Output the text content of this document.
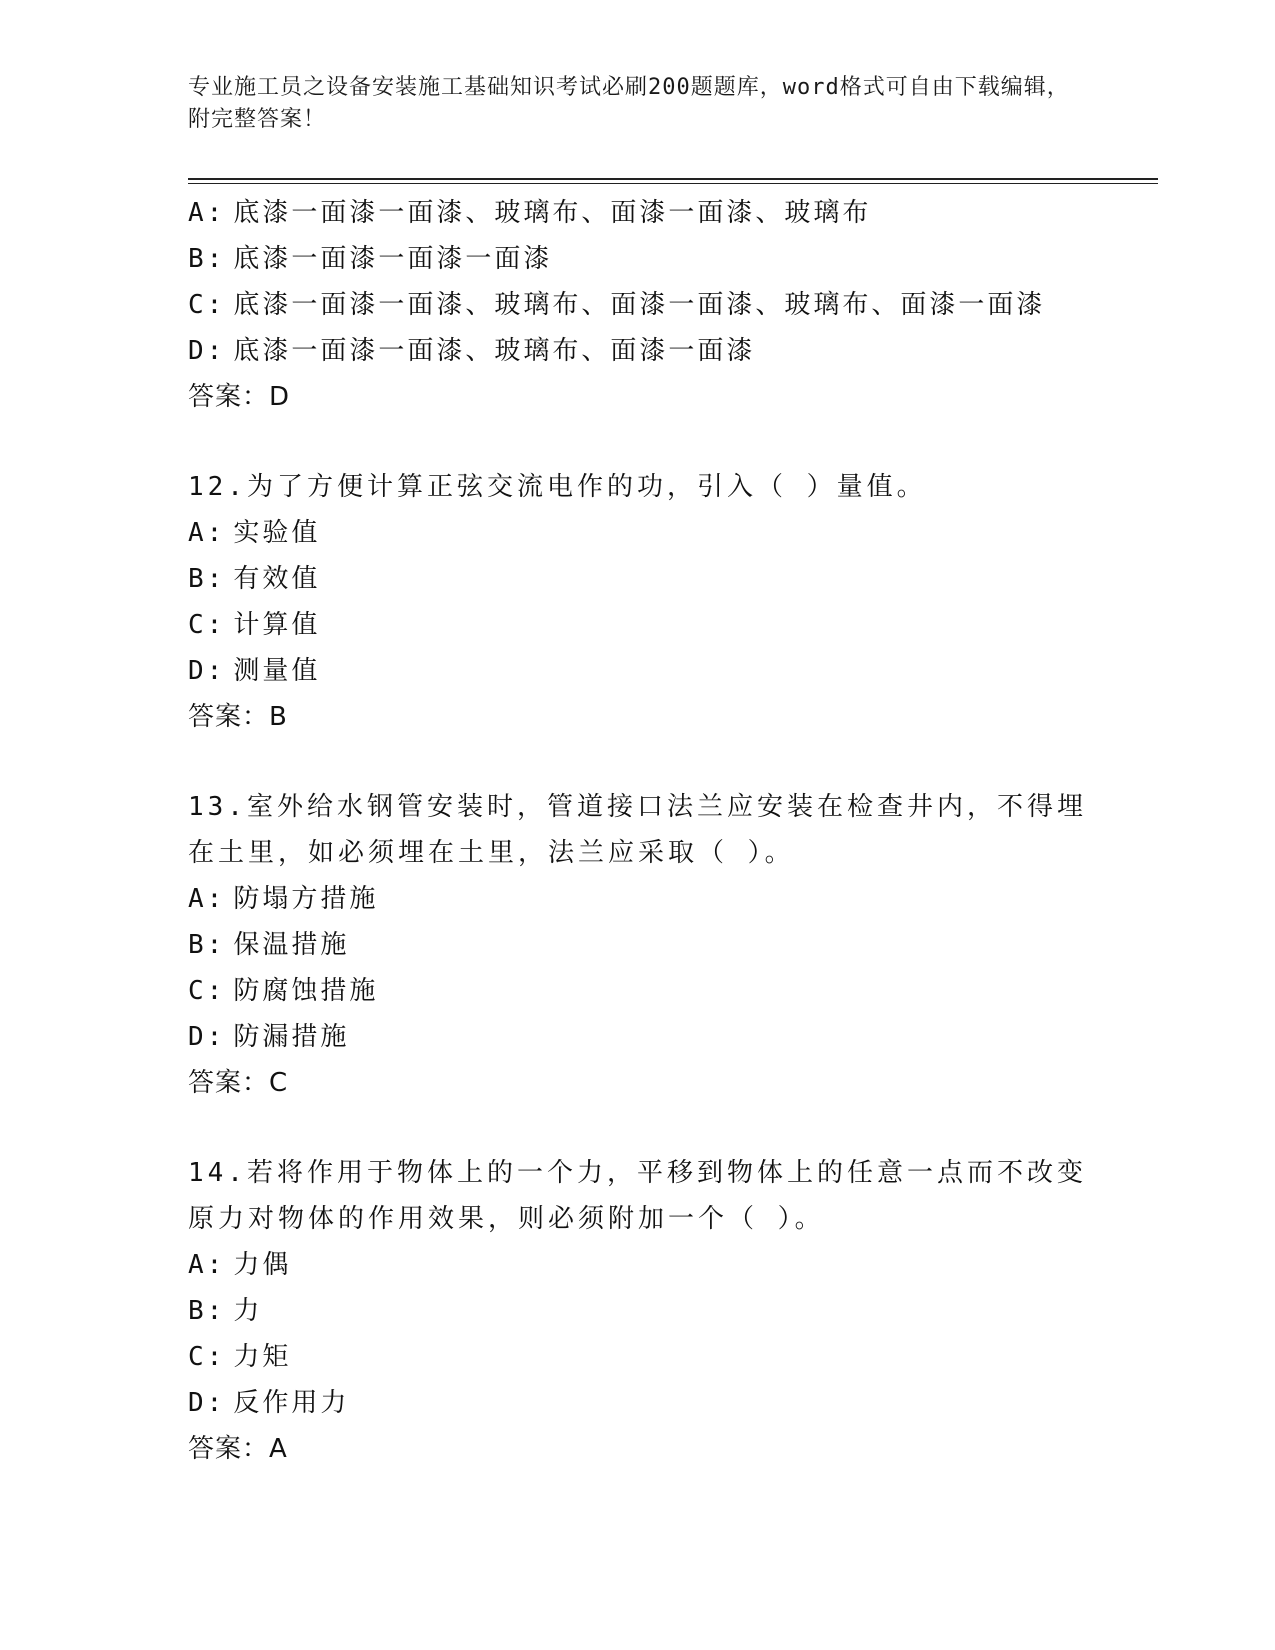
专业施工员之设备安装施工基础知识考试必刷200题题库，word格式可自由下载编辑，附完整答案！
A: 底漆一面漆一面漆、玻璃布、面漆一面漆、玻璃布
B: 底漆一面漆一面漆一面漆
C: 底漆一面漆一面漆、玻璃布、面漆一面漆、玻璃布、面漆一面漆
D: 底漆一面漆一面漆、玻璃布、面漆一面漆
答案：D
12.为了方便计算正弦交流电作的功，引入（ ）量值。
A: 实验值
B: 有效值
C: 计算值
D: 测量值
答案：B
13.室外给水钢管安装时，管道接口法兰应安装在检查井内，不得埋在土里，如必须埋在土里，法兰应采取（ ）。
A: 防塌方措施
B: 保温措施
C: 防腐蚀措施
D: 防漏措施
答案：C
14.若将作用于物体上的一个力，平移到物体上的任意一点而不改变原力对物体的作用效果，则必须附加一个（ ）。
A: 力偶
B: 力
C: 力矩
D: 反作用力
答案：A
